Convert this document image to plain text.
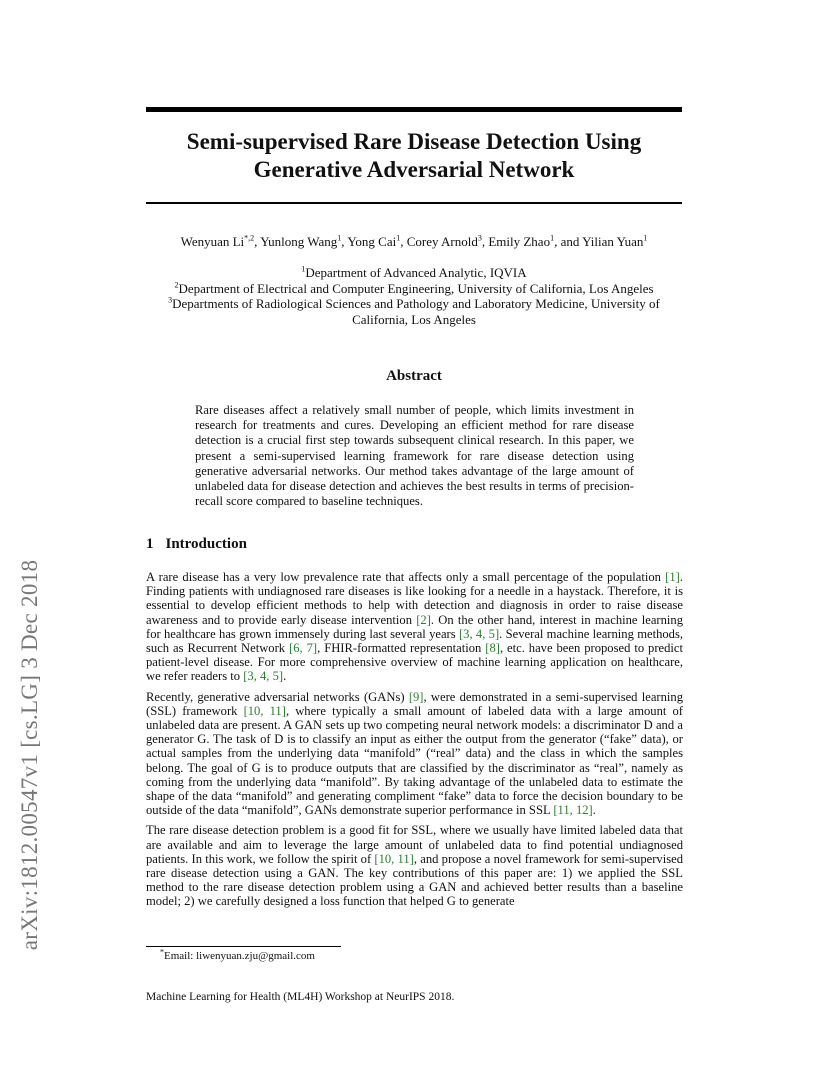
arXiv:1812.00547v1 [cs.LG] 3 Dec 2018
Semi-supervised Rare Disease Detection Using
Generative Adversarial Network
Wenyuan $Li^{*,2}$, Yunlong Wang$^1$, Yong Cai$^1$, Corey Arnold$^3$, Emily Zhao$^1$, and Yilian Yuan$^1$
$^1$Department of Advanced Analytic, IQVIA
$^2$Department of Electrical and Computer Engineering, University of California, Los Angeles
$^3$Departments of Radiological Sciences and Pathology and Laboratory Medicine, University of California, Los Angeles
Abstract
Rare diseases affect a relatively small number of people, which limits investment in research for treatments and cures. Developing an efficient method for rare disease detection is a crucial first step towards subsequent clinical research. In this paper, we present a semi-supervised learning framework for rare disease detection using generative adversarial networks. Our method takes advantage of the large amount of unlabeled data for disease detection and achieves the best results in terms of precision-recall score compared to baseline techniques.
1 Introduction

A rare disease has a very low prevalence rate that affects only a small percentage of the population [1]. Finding patients with undiagnosed rare diseases is like looking for a needle in a haystack. Therefore, it is essential to develop efficient methods to help with detection and diagnosis in order to raise disease awareness and to provide early disease intervention [2]. On the other hand, interest in machine learning for healthcare has grown immensely during last several years [3, 4, 5]. Several machine learning methods, such as Recurrent Network [6, 7], FHIR-formatted representation [8], etc. have been proposed to predict patient-level disease. For more comprehensive overview of machine learning application on healthcare, we refer readers to [3, 4, 5].

Recently, generative adversarial networks (GANs) [9], were demonstrated in a semi-supervised learning (SSL) framework [10, 11], where typically a small amount of labeled data with a large amount of unlabeled data are present. A GAN sets up two competing neural network models: a discriminator D and a generator G. The task of D is to classify an input as either the output from the generator (“fake” data), or actual samples from the underlying data “manifold” (“real” data) and the class in which the samples belong. The goal of G is to produce outputs that are classified by the discriminator as “real”, namely as coming from the underlying data “manifold”. By taking advantage of the unlabeled data to estimate the shape of the data “manifold” and generating compliment “fake” data to force the decision boundary to be outside of the data “manifold”, GANs demonstrate superior performance in SSL [11, 12].

The rare disease detection problem is a good fit for SSL, where we usually have limited labeled data that are available and aim to leverage the large amount of unlabeled data to find potential undiagnosed patients. In this work, we follow the spirit of [10, 11], and propose a novel framework for semi-supervised rare disease detection using a GAN. The key contributions of this paper are: 1) we applied the SSL method to the rare disease detection problem using a GAN and achieved better results than a baseline model; 2) we carefully designed a loss function that helped G to generate

*Email: liwenyuan.zju@gmail.com
Machine Learning for Health (ML4H) Workshop at NeurIPS 2018.
